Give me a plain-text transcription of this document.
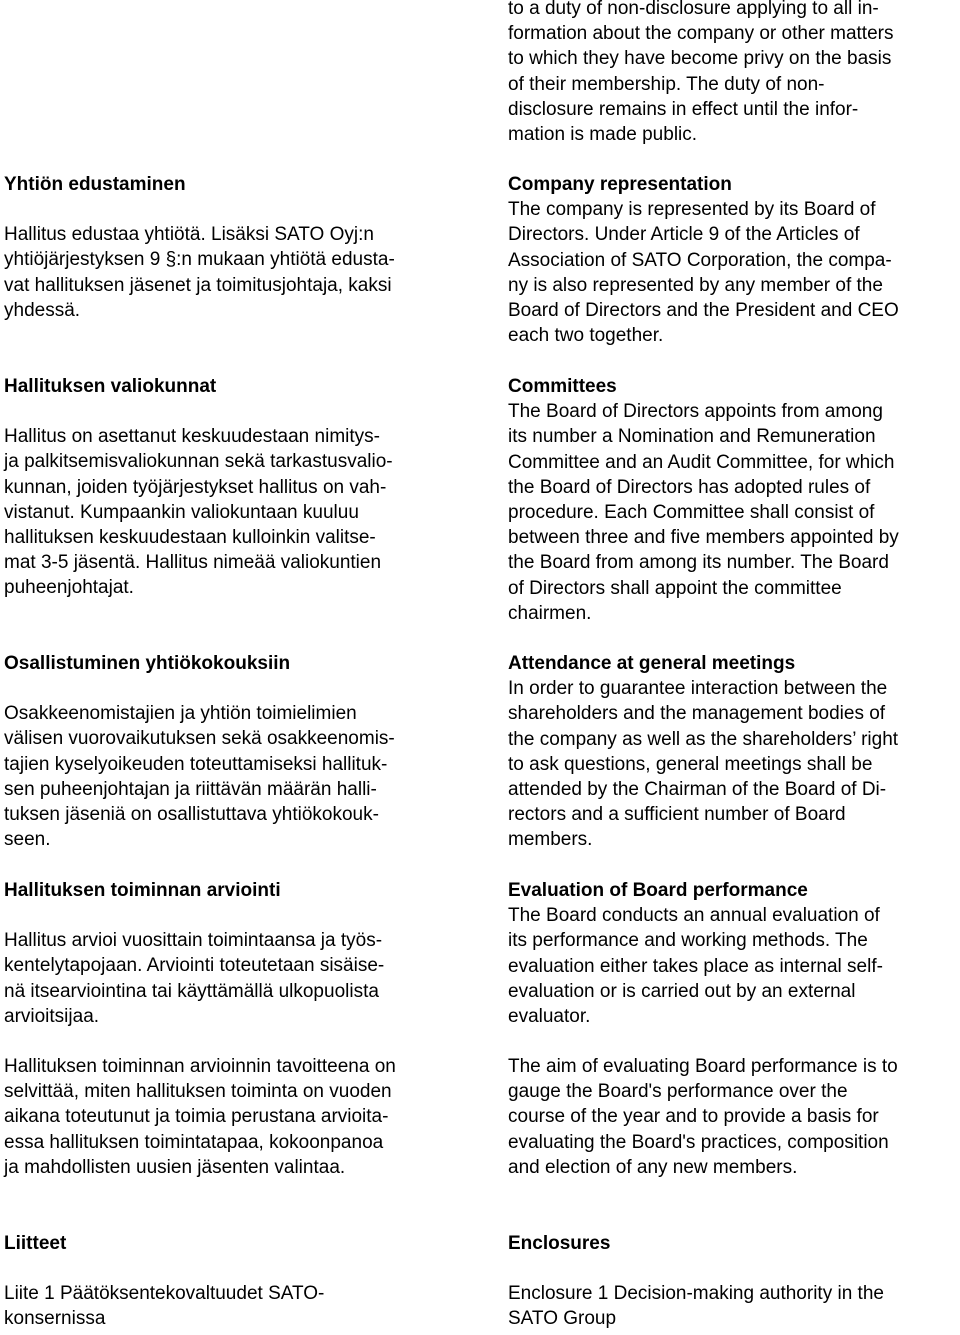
Yhtiön edustaminen
Hallitus edustaa yhtiötä. Lisäksi SATO Oyj:n
yhtiöjärjestyksen 9 §:n mukaan yhtiötä edusta-
vat hallituksen jäsenet ja toimitusjohtaja, kaksi
yhdessä.
Hallituksen valiokunnat
Hallitus on asettanut keskuudestaan nimitys-
ja palkitsemisvaliokunnan sekä tarkastusvalio-
kunnan, joiden työjärjestykset hallitus on vah-
vistanut. Kumpaankin valiokuntaan kuuluu
hallituksen keskuudestaan kulloinkin valitse-
mat 3-5 jäsentä. Hallitus nimeää valiokuntien
puheenjohtajat.
Osallistuminen yhtiökokouksiin
Osakkeenomistajien ja yhtiön toimielimien
välisen vuorovaikutuksen sekä osakkeenomis-
tajien kyselyoikeuden toteuttamiseksi hallituk-
sen puheenjohtajan ja riittävän määrän halli-
tuksen jäseniä on osallistuttava yhtiökokouk-
seen.
Hallituksen toiminnan arviointi
Hallitus arvioi vuosittain toimintaansa ja työs-
kentelytapojaan. Arviointi toteutetaan sisäise-
nä itsearviointina tai käyttämällä ulkopuolista
arvioitsijaa.
Hallituksen toiminnan arvioinnin tavoitteena on
selvittää, miten hallituksen toiminta on vuoden
aikana toteutunut ja toimia perustana arvioita-
essa hallituksen toimintatapaa, kokoonpanoa
ja mahdollisten uusien jäsenten valintaa.
Liitteet
Liite 1 Päätöksentekovaltuudet SATO-
konsernissa
to a duty of non-disclosure applying to all in-
formation about the company or other matters
to which they have become privy on the basis
of their membership. The duty of non-
disclosure remains in effect until the infor-
mation is made public.
Company representation
The company is represented by its Board of
Directors. Under Article 9 of the Articles of
Association of SATO Corporation, the compa-
ny is also represented by any member of the
Board of Directors and the President and CEO
each two together.
Committees
The Board of Directors appoints from among
its number a Nomination and Remuneration
Committee and an Audit Committee, for which
the Board of Directors has adopted rules of
procedure. Each Committee shall consist of
between three and five members appointed by
the Board from among its number. The Board
of Directors shall appoint the committee
chairmen.
Attendance at general meetings
In order to guarantee interaction between the
shareholders and the management bodies of
the company as well as the shareholders’ right
to ask questions, general meetings shall be
attended by the Chairman of the Board of Di-
rectors and a sufficient number of Board
members.
Evaluation of Board performance
The Board conducts an annual evaluation of
its performance and working methods. The
evaluation either takes place as internal self-
evaluation or is carried out by an external
evaluator.
The aim of evaluating Board performance is to
gauge the Board's performance over the
course of the year and to provide a basis for
evaluating the Board's practices, composition
and election of any new members.
Enclosures
Enclosure 1 Decision-making authority in the
SATO Group
